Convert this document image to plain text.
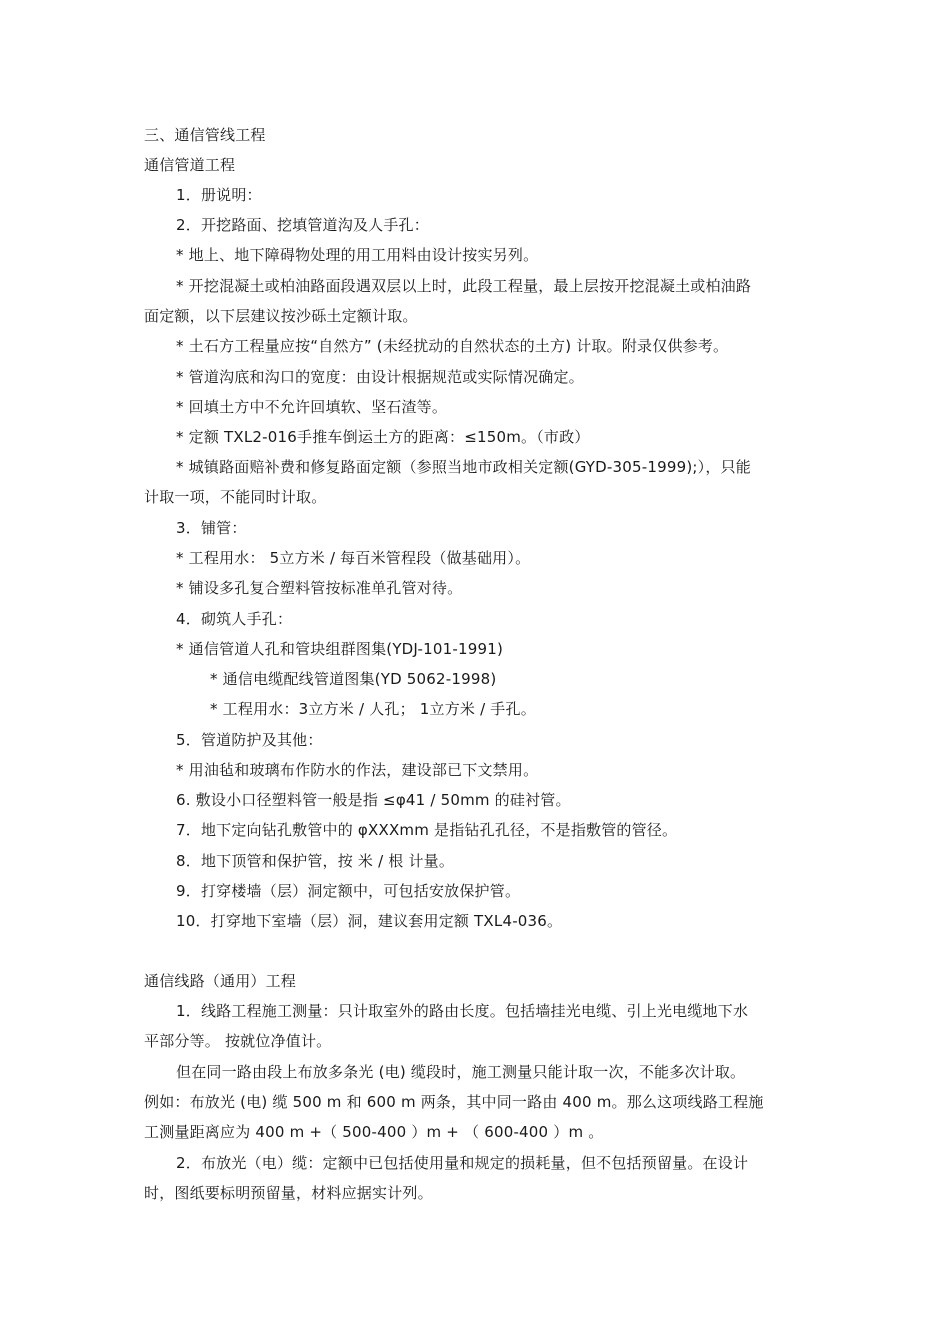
三、通信管线工程
通信管道工程
1．册说明：
2．开挖路面、挖填管道沟及人手孔：
* 地上、地下障碍物处理的用工用料由设计按实另列。
* 开挖混凝土或柏油路面段遇双层以上时，此段工程量，最上层按开挖混凝土或柏油路
面定额，以下层建议按沙砾土定额计取。
* 土石方工程量应按“自然方” (未经扰动的自然状态的土方) 计取。附录仅供参考。
* 管道沟底和沟口的宽度：由设计根据规范或实际情况确定。
* 回填土方中不允许回填软、坚石渣等。
* 定额 TXL2-016手推车倒运土方的距离：≤150m。（市政）
* 城镇路面赔补费和修复路面定额（参照当地市政相关定额(GYD-305-1999);），只能
计取一项，不能同时计取。
3．铺管：
* 工程用水： 5立方米 / 每百米管程段（做基础用）。
* 铺设多孔复合塑料管按标准单孔管对待。
4．砌筑人手孔：
* 通信管道人孔和管块组群图集(YDJ-101-1991)
* 通信电缆配线管道图集(YD 5062-1998)
* 工程用水：3立方米 / 人孔； 1立方米 / 手孔。
5．管道防护及其他：
* 用油毡和玻璃布作防水的作法，建设部已下文禁用。
6. 敷设小口径塑料管一般是指 ≤φ41 / 50mm 的硅衬管。
7．地下定向钻孔敷管中的 φXXXmm 是指钻孔孔径，不是指敷管的管径。
8．地下顶管和保护管，按 米 / 根 计量。
9．打穿楼墙（层）洞定额中，可包括安放保护管。
10．打穿地下室墙（层）洞，建议套用定额 TXL4-036。
通信线路（通用）工程
1．线路工程施工测量：只计取室外的路由长度。包括墙挂光电缆、引上光电缆地下水
平部分等。 按就位净值计。
但在同一路由段上布放多条光 (电) 缆段时，施工测量只能计取一次，不能多次计取。
例如：布放光 (电) 缆 500 m 和 600 m 两条，其中同一路由 400 m。那么这项线路工程施
工测量距离应为 400 m +（ 500-400 ）m + （ 600-400 ）m 。
2．布放光（电）缆：定额中已包括使用量和规定的损耗量，但不包括预留量。在设计
时，图纸要标明预留量，材料应据实计列。
